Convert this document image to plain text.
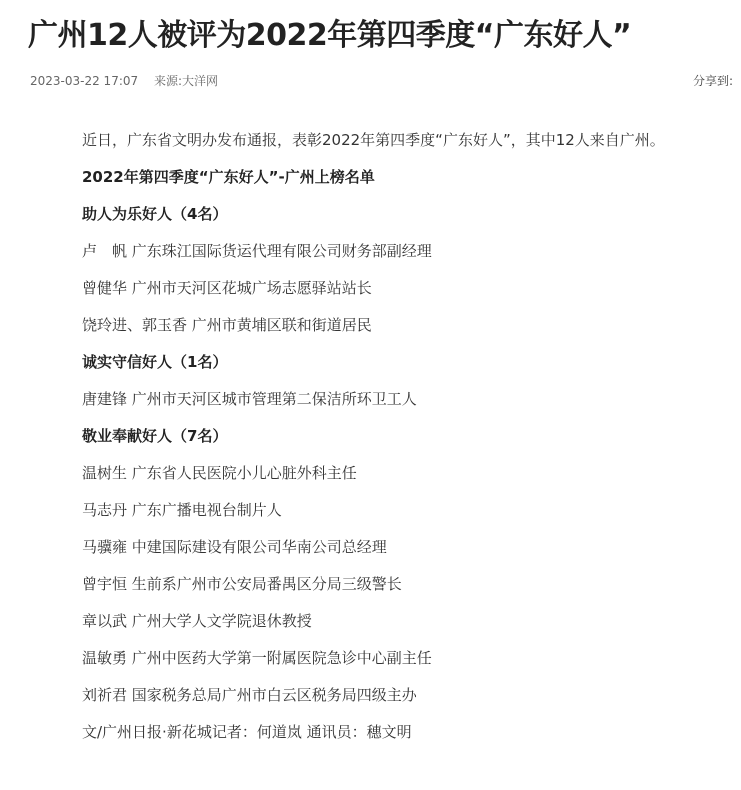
广州12人被评为2022年第四季度“广东好人”
2023-03-22 17:07 来源:大洋网	分享到:

近日，广东省文明办发布通报，表彰2022年第四季度“广东好人”，其中12人来自广州。

2022年第四季度“广东好人”-广州上榜名单

助人为乐好人（4名）

卢　帆 广东珠江国际货运代理有限公司财务部副经理

曾健华 广州市天河区花城广场志愿驿站站长

饶玲进、郭玉香 广州市黄埔区联和街道居民

诚实守信好人（1名）

唐建锋 广州市天河区城市管理第二保洁所环卫工人

敬业奉献好人（7名）

温树生 广东省人民医院小儿心脏外科主任

马志丹 广东广播电视台制片人

马骥雍 中建国际建设有限公司华南公司总经理

曾宇恒 生前系广州市公安局番禺区分局三级警长

章以武 广州大学人文学院退休教授

温敏勇 广州中医药大学第一附属医院急诊中心副主任

刘祈君 国家税务总局广州市白云区税务局四级主办

文/广州日报·新花城记者：何道岚 通讯员：穗文明
